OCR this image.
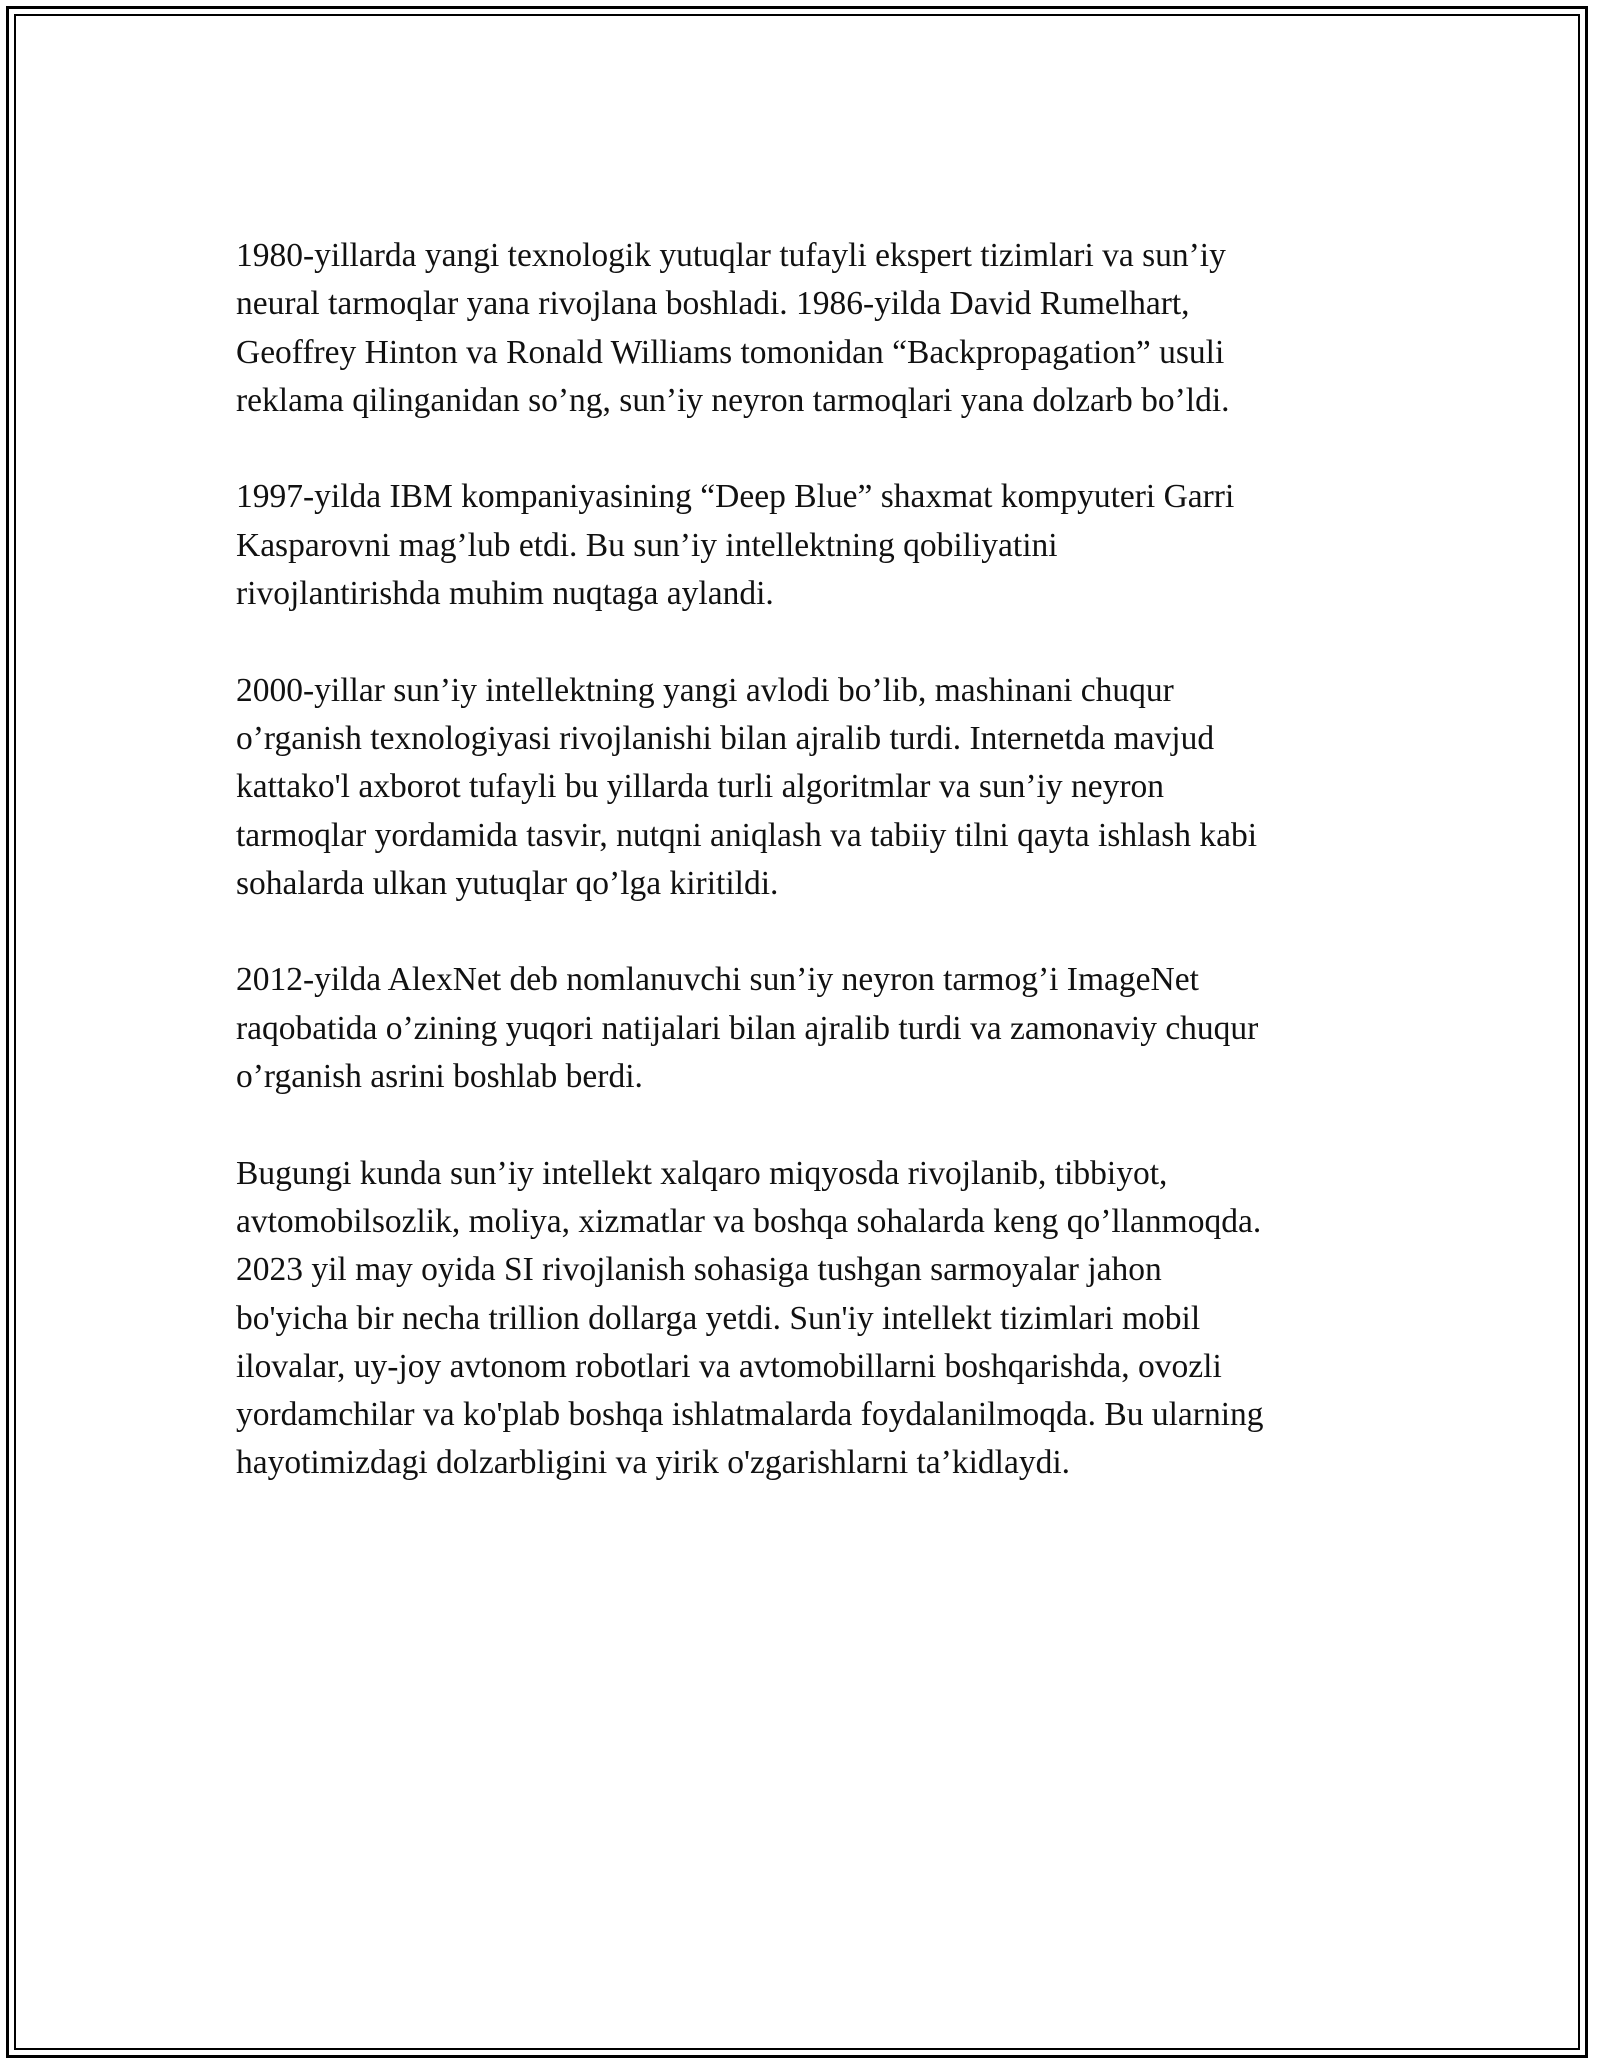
1980-yillarda yangi texnologik yutuqlar tufayli ekspert tizimlari va sun’iy
neural tarmoqlar yana rivojlana boshladi. 1986-yilda David Rumelhart,
Geoffrey Hinton va Ronald Williams tomonidan “Backpropagation” usuli
reklama qilinganidan so’ng, sun’iy neyron tarmoqlari yana dolzarb bo’ldi.

1997-yilda IBM kompaniyasining “Deep Blue” shaxmat kompyuteri Garri
Kasparovni mag’lub etdi. Bu sun’iy intellektning qobiliyatini
rivojlantirishda muhim nuqtaga aylandi.

2000-yillar sun’iy intellektning yangi avlodi bo’lib, mashinani chuqur
o’rganish texnologiyasi rivojlanishi bilan ajralib turdi. Internetda mavjud
kattako'l axborot tufayli bu yillarda turli algoritmlar va sun’iy neyron
tarmoqlar yordamida tasvir, nutqni aniqlash va tabiiy tilni qayta ishlash kabi
sohalarda ulkan yutuqlar qo’lga kiritildi.

2012-yilda AlexNet deb nomlanuvchi sun’iy neyron tarmog’i ImageNet
raqobatida o’zining yuqori natijalari bilan ajralib turdi va zamonaviy chuqur
o’rganish asrini boshlab berdi.

Bugungi kunda sun’iy intellekt xalqaro miqyosda rivojlanib, tibbiyot,
avtomobilsozlik, moliya, xizmatlar va boshqa sohalarda keng qo’llanmoqda.
2023 yil may oyida SI rivojlanish sohasiga tushgan sarmoyalar jahon
bo'yicha bir necha trillion dollarga yetdi. Sun'iy intellekt tizimlari mobil
ilovalar, uy-joy avtonom robotlari va avtomobillarni boshqarishda, ovozli
yordamchilar va ko'plab boshqa ishlatmalarda foydalanilmoqda. Bu ularning
hayotimizdagi dolzarbligini va yirik o'zgarishlarni ta’kidlaydi.
